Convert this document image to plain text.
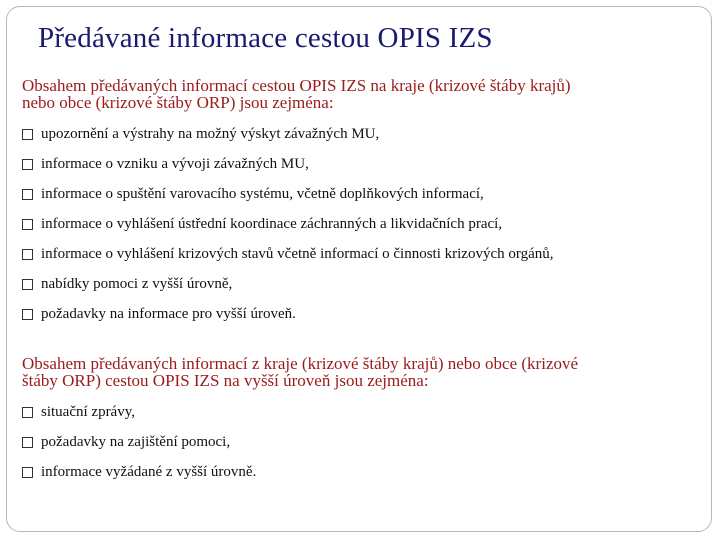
Předávané informace cestou OPIS IZS
Obsahem předávaných informací cestou OPIS IZS na kraje (krizové štáby krajů)
nebo obce (krizové štáby ORP) jsou zejména:
upozornění a výstrahy na možný výskyt závažných MU,
informace o vzniku a vývoji závažných MU,
informace o spuštění varovacího systému, včetně doplňkových informací,
informace o vyhlášení ústřední koordinace záchranných a likvidačních prací,
informace o vyhlášení krizových stavů včetně informací o činnosti krizových orgánů,
nabídky pomoci z vyšší úrovně,
požadavky na informace pro vyšší úroveň.
Obsahem předávaných informací z kraje (krizové štáby krajů) nebo obce (krizové
štáby ORP) cestou OPIS IZS na vyšší úroveň jsou zejména:
situační zprávy,
požadavky na zajištění pomoci,
informace vyžádané z vyšší úrovně.
